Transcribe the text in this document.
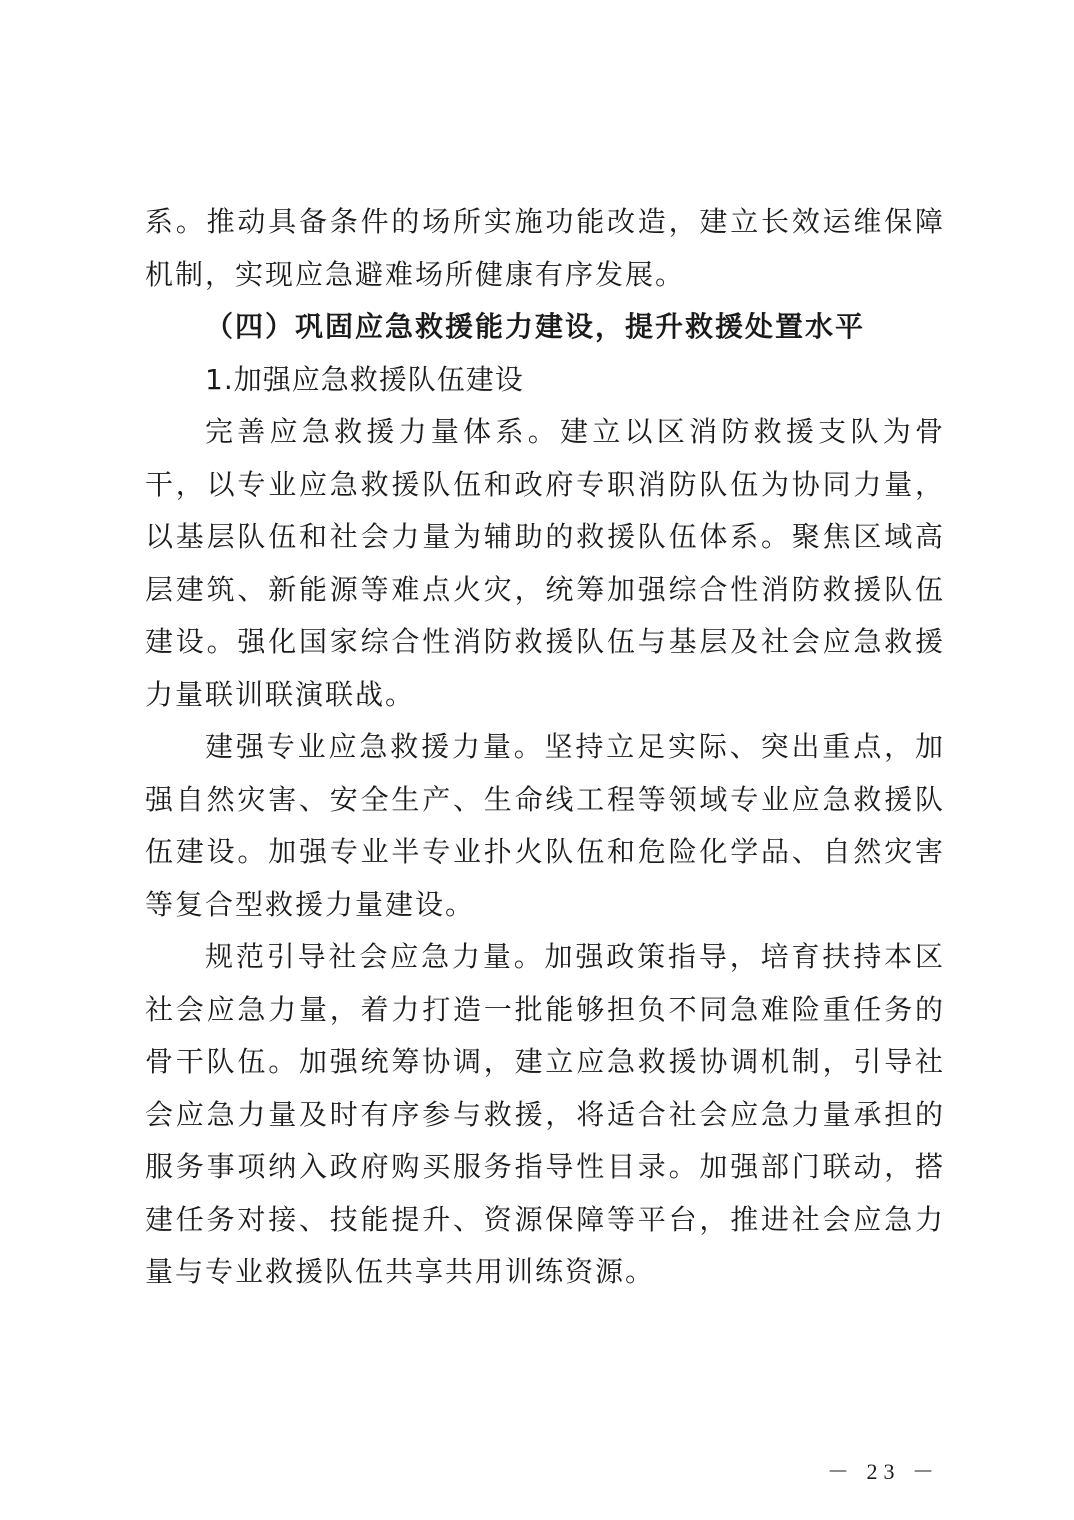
系。推动具备条件的场所实施功能改造，建立长效运维保障机制，实现应急避难场所健康有序发展。

（四）巩固应急救援能力建设，提升救援处置水平

1.加强应急救援队伍建设

完善应急救援力量体系。建立以区消防救援支队为骨干，以专业应急救援队伍和政府专职消防队伍为协同力量，以基层队伍和社会力量为辅助的救援队伍体系。聚焦区域高层建筑、新能源等难点火灾，统筹加强综合性消防救援队伍建设。强化国家综合性消防救援队伍与基层及社会应急救援力量联训联演联战。

建强专业应急救援力量。坚持立足实际、突出重点，加强自然灾害、安全生产、生命线工程等领域专业应急救援队伍建设。加强专业半专业扑火队伍和危险化学品、自然灾害等复合型救援力量建设。

规范引导社会应急力量。加强政策指导，培育扶持本区社会应急力量，着力打造一批能够担负不同急难险重任务的骨干队伍。加强统筹协调，建立应急救援协调机制，引导社会应急力量及时有序参与救援，将适合社会应急力量承担的服务事项纳入政府购买服务指导性目录。加强部门联动，搭建任务对接、技能提升、资源保障等平台，推进社会应急力量与专业救援队伍共享共用训练资源。

－ 23 －
